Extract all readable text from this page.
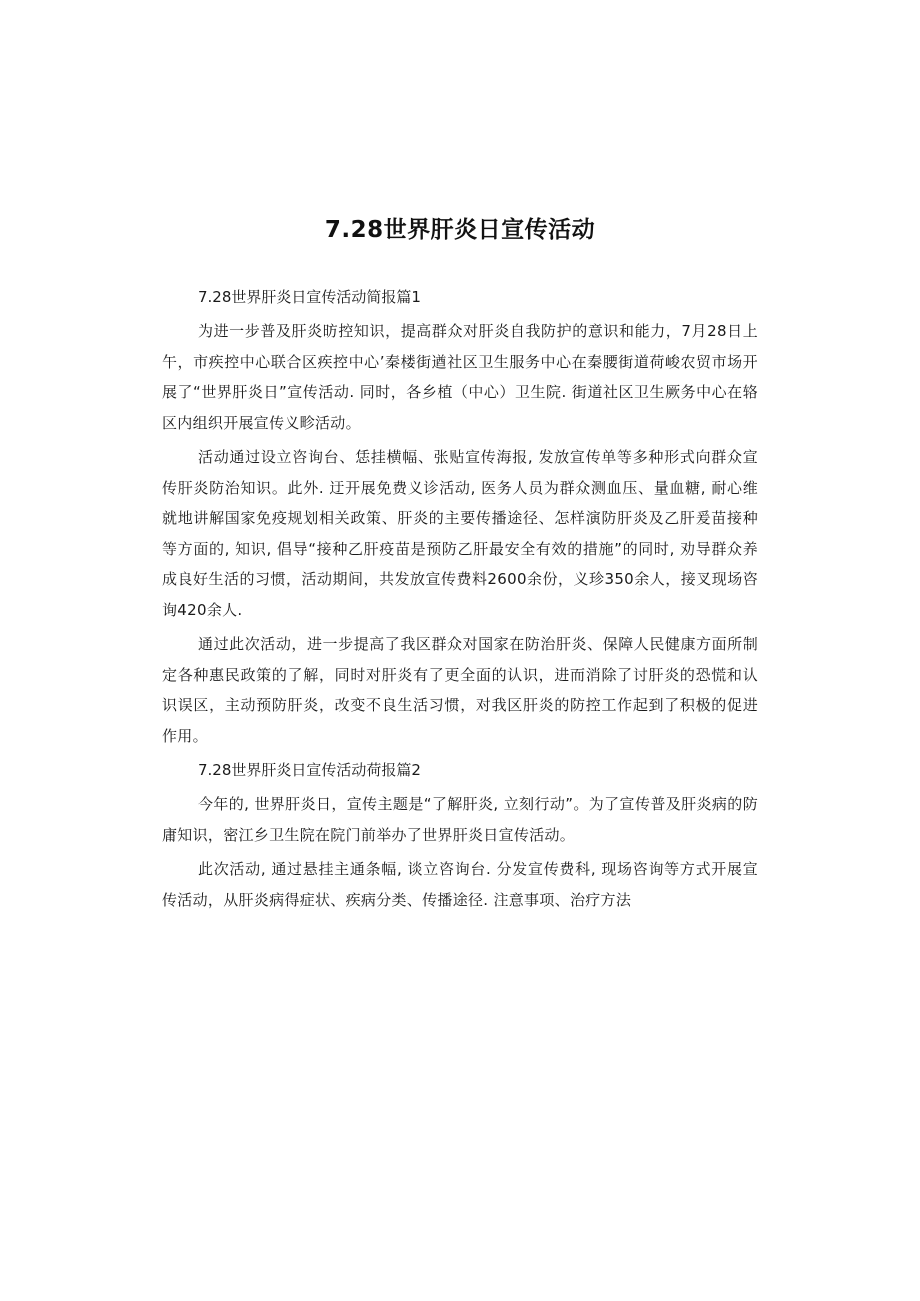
7.28世界肝炎日宣传活动

7.28世界肝炎日宣传活动简报篇1

为进一步普及肝炎昉控知识，提高群众对肝炎自我防护的意识和能力，7月28日上午，市疾控中心联合区疾控中心’秦楼街遒社区卫生服务中心在秦腰街道荷峻农贸市场开展了“世界肝炎日”宣传活动. 同时，各乡植（中心）卫生院. 街道社区卫生厥务中心在辂区内组织开展宣传义畛活动。

活动通过设立咨询台、恁挂横幅、张贴宣传海报, 发放宣传单等多种形式向群众宣传肝炎防治知识。此外. 迂开展免费义诊活动, 医务人员为群众测血压、量血糖, 耐心维就地讲解国家免疫规划相关政策、肝炎的主要传播途径、怎样演防肝炎及乙肝爰苗接种等方面的, 知识, 倡导“接种乙肝疫苗是预防乙肝最安全有效的措施”的同时, 劝导群众养成良好生活的习惯，活动期间，共发放宣传费料2600余份，义珍350余人，接叉现场咨询420余人.

通过此次活动，进一步提高了我区群众对国家在防治肝炎、保障人民健康方面所制定各种惠民政策的了解，同时对肝炎有了更全面的认识，进而消除了讨肝炎的恐慌和认识误区，主动预防肝炎，改变不良生活习惯，对我区肝炎的防控工作起到了积极的促进作用。

7.28世界肝炎日宣传活动荷报篇2

今年的, 世界肝炎日，宣传主题是“了解肝炎, 立刻行动”。为了宣传普及肝炎病的防庸知识，密江乡卫生院在院门前举办了世界肝炎日宣传活动。

此次活动, 通过悬挂主通条幅, 谈立咨询台. 分发宣传费科, 现场咨询等方式开展宣传活动，从肝炎病得症状、疾病分类、传播途径. 注意事项、治疗方法
